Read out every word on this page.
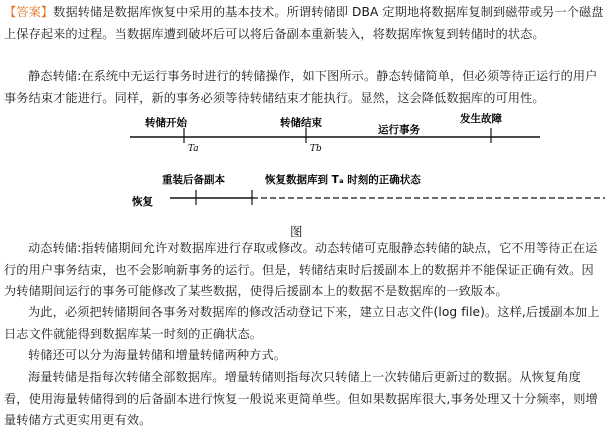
【答案】数据转储是数据库恢复中采用的基本技术。所谓转储即 DBA 定期地将数据库复制到磁带或另一个磁盘上保存起来的过程。当数据库遭到破坏后可以将后备副本重新装入，将数据库恢复到转储时的状态。

静态转储:在系统中无运行事务时进行的转储操作，如下图所示。静态转储简单，但必须等待正运行的用户事务结束才能进行。同样，新的事务必须等待转储结束才能执行。显然，这会降低数据库的可用性。

转储开始	转储结束	发生故障
运行事务
Ta	Tb
重装后备副本	恢复数据库到 Tₐ 时刻的正确状态
恢复
图

动态转储:指转储期间允许对数据库进行存取或修改。动态转储可克服静态转储的缺点，它不用等待正在运行的用户事务结束，也不会影响新事务的运行。但是，转储结束时后援副本上的数据并不能保证正确有效。因为转储期间运行的事务可能修改了某些数据，使得后援副本上的数据不是数据库的一致版本。

为此，必须把转储期间各事务对数据库的修改活动登记下来，建立日志文件(log file)。这样,后援副本加上日志文件就能得到数据库某一时刻的正确状态。

转储还可以分为海量转储和增量转储两种方式。

海量转储是指每次转储全部数据库。增量转储则指每次只转储上一次转储后更新过的数据。从恢复角度看，使用海量转储得到的后备副本进行恢复一般说来更简单些。但如果数据库很大,事务处理又十分频率，则增量转储方式更实用更有效。
